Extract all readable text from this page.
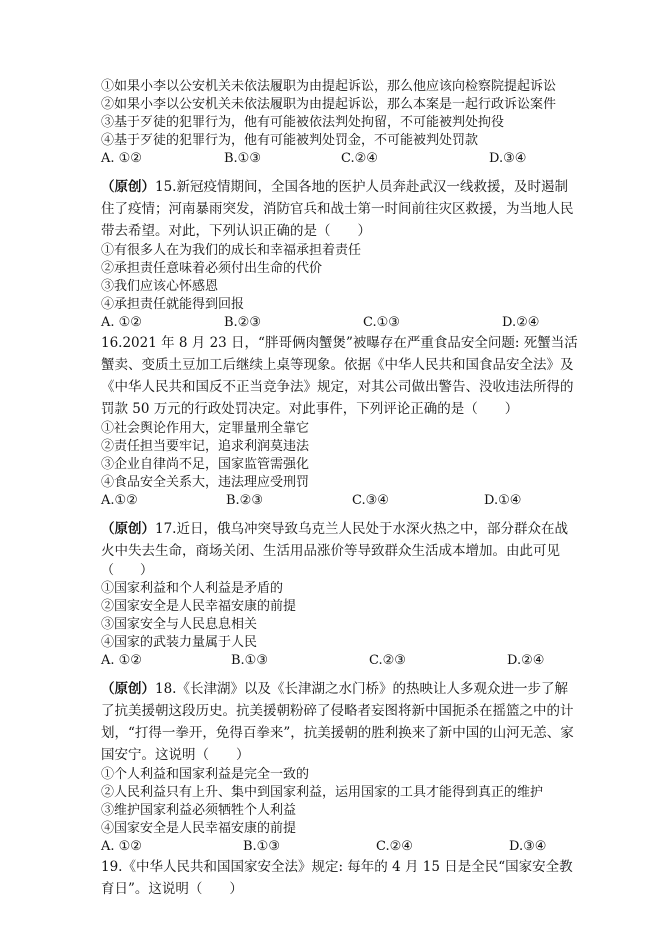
①如果小李以公安机关未依法履职为由提起诉讼，那么他应该向检察院提起诉讼
②如果小李以公安机关未依法履职为由提起诉讼，那么本案是一起行政诉讼案件
③基于歹徒的犯罪行为，他有可能被依法判处拘留，不可能被判处拘役
④基于歹徒的犯罪行为，他有可能被判处罚金，不可能被判处罚款
A. ①②	B.①③	C.②④	D.③④
（原创）15.新冠疫情期间，全国各地的医护人员奔赴武汉一线救援，及时遏制
住了疫情；河南暴雨突发，消防官兵和战士第一时间前往灾区救援，为当地人民
带去希望。对此，下列认识正确的是（　　）
①有很多人在为我们的成长和幸福承担着责任
②承担责任意味着必须付出生命的代价
③我们应该心怀感恩
④承担责任就能得到回报
A. ①②	B.②③	C.①③	D.②④
16.2021 年 8 月 23 日，“胖哥俩肉蟹煲”被曝存在严重食品安全问题: 死蟹当活
蟹卖、变质土豆加工后继续上桌等现象。依据《中华人民共和国食品安全法》及
《中华人民共和国反不正当竞争法》规定，对其公司做出警告、没收违法所得的
罚款 50 万元的行政处罚决定。对此事件，下列评论正确的是（　　）
①社会舆论作用大，定罪量刑全靠它
②责任担当要牢记，追求利润莫违法
③企业自律尚不足，国家监管需强化
④食品安全关系大，违法理应受刑罚
A.①②	B.②③	C.③④	D.①④
（原创）17.近日，俄乌冲突导致乌克兰人民处于水深火热之中，部分群众在战
火中失去生命，商场关闭、生活用品涨价等导致群众生活成本增加。由此可见
（　　）
①国家利益和个人利益是矛盾的
②国家安全是人民幸福安康的前提
③国家安全与人民息息相关
④国家的武装力量属于人民
A. ①②	B.①③	C.②③	D.②④
（原创）18.《长津湖》以及《长津湖之水门桥》的热映让人多观众进一步了解
了抗美援朝这段历史。抗美援朝粉碎了侵略者妄图将新中国扼杀在摇篮之中的计
划，“打得一拳开，免得百拳来”，抗美援朝的胜利换来了新中国的山河无恙、家
国安宁。这说明（　　）
①个人利益和国家利益是完全一致的
②人民利益只有上升、集中到国家利益，运用国家的工具才能得到真正的维护
③维护国家利益必须牺牲个人利益
④国家安全是人民幸福安康的前提
A. ①②	B.①③	C.②④	D.③④
19.《中华人民共和国国家安全法》规定: 每年的 4 月 15 日是全民“国家安全教
育日”。这说明（　　）
